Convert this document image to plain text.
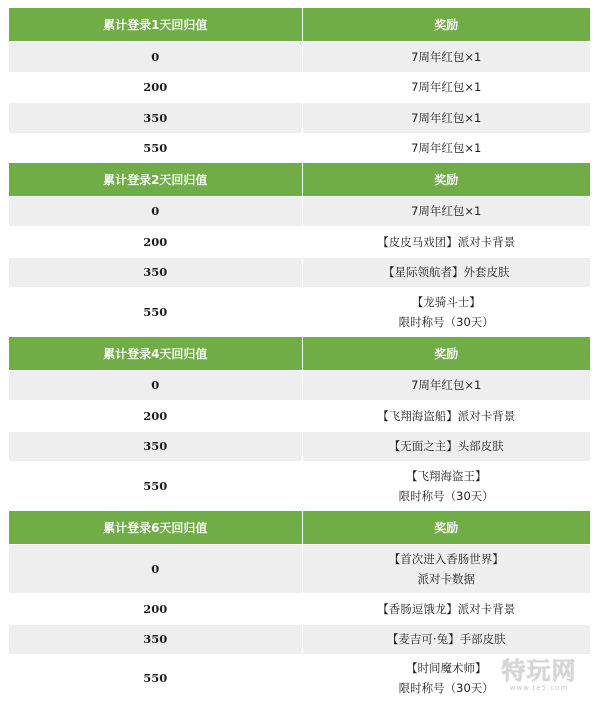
累计登录1天回归值	奖励
0	7周年红包×1

200	7周年红包×1

350	7周年红包×1

550	7周年红包×1
累计登录2天回归值	奖励
0	7周年红包×1

200	【皮皮马戏团】派对卡背景

350	【星际领航者】外套皮肤

550	【龙骑斗士】
限时称号（30天）
累计登录4天回归值	奖励
0	7周年红包×1

200	【飞翔海盗船】派对卡背景

350	【无面之主】头部皮肤

550	【飞翔海盗王】
限时称号（30天）
累计登录6天回归值	奖励
0	【首次进入香肠世界】
派对卡数据

200	【香肠逗饿龙】派对卡背景

350	【麦吉可·兔】手部皮肤

550	【时间魔术师】
限时称号（30天）
特玩网
www.te5.com
